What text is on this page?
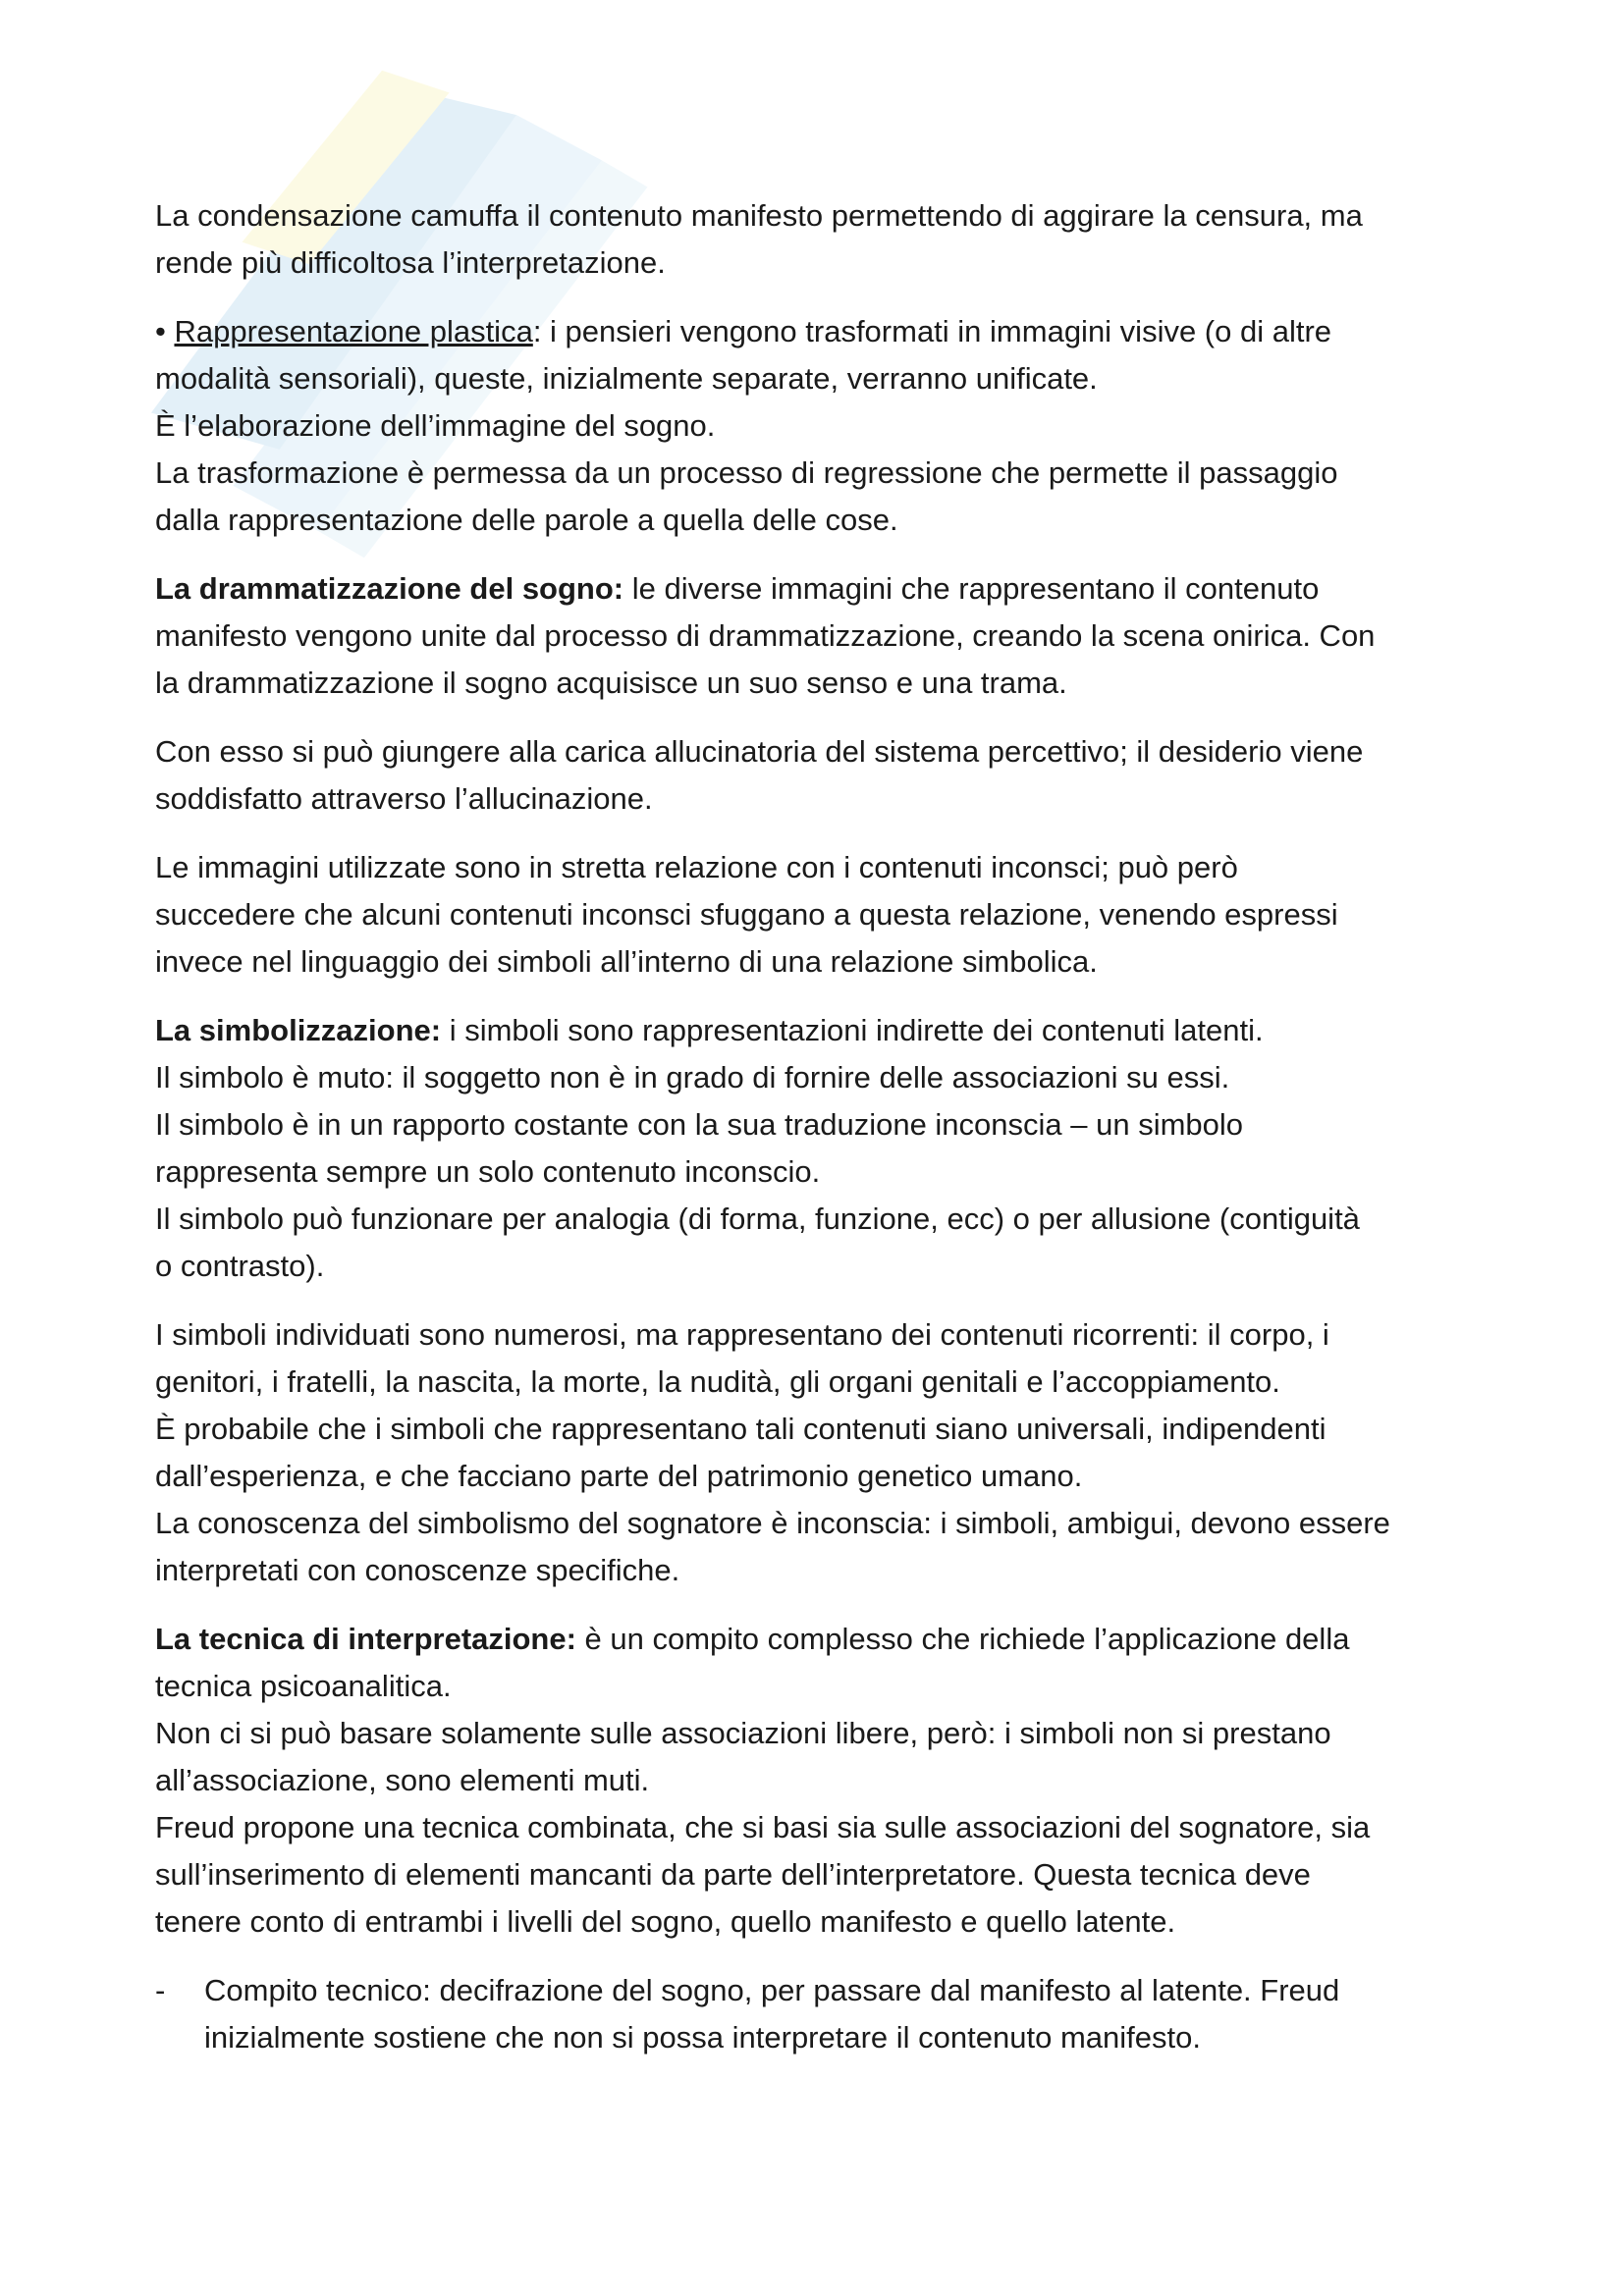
La condensazione camuffa il contenuto manifesto permettendo di aggirare la censura, ma
rende più difficoltosa l’interpretazione.

• Rappresentazione plastica: i pensieri vengono trasformati in immagini visive (o di altre
modalità sensoriali), queste, inizialmente separate, verranno unificate.
È l’elaborazione dell’immagine del sogno.
La trasformazione è permessa da un processo di regressione che permette il passaggio
dalla rappresentazione delle parole a quella delle cose.

La drammatizzazione del sogno: le diverse immagini che rappresentano il contenuto
manifesto vengono unite dal processo di drammatizzazione, creando la scena onirica. Con
la drammatizzazione il sogno acquisisce un suo senso e una trama.

Con esso si può giungere alla carica allucinatoria del sistema percettivo; il desiderio viene
soddisfatto attraverso l’allucinazione.

Le immagini utilizzate sono in stretta relazione con i contenuti inconsci; può però
succedere che alcuni contenuti inconsci sfuggano a questa relazione, venendo espressi
invece nel linguaggio dei simboli all’interno di una relazione simbolica.

La simbolizzazione: i simboli sono rappresentazioni indirette dei contenuti latenti.
Il simbolo è muto: il soggetto non è in grado di fornire delle associazioni su essi.
Il simbolo è in un rapporto costante con la sua traduzione inconscia – un simbolo
rappresenta sempre un solo contenuto inconscio.
Il simbolo può funzionare per analogia (di forma, funzione, ecc) o per allusione (contiguità
o contrasto).

I simboli individuati sono numerosi, ma rappresentano dei contenuti ricorrenti: il corpo, i
genitori, i fratelli, la nascita, la morte, la nudità, gli organi genitali e l’accoppiamento.
È probabile che i simboli che rappresentano tali contenuti siano universali, indipendenti
dall’esperienza, e che facciano parte del patrimonio genetico umano.
La conoscenza del simbolismo del sognatore è inconscia: i simboli, ambigui, devono essere
interpretati con conoscenze specifiche.

La tecnica di interpretazione: è un compito complesso che richiede l’applicazione della
tecnica psicoanalitica.
Non ci si può basare solamente sulle associazioni libere, però: i simboli non si prestano
all’associazione, sono elementi muti.
Freud propone una tecnica combinata, che si basi sia sulle associazioni del sognatore, sia
sull’inserimento di elementi mancanti da parte dell’interpretatore. Questa tecnica deve
tenere conto di entrambi i livelli del sogno, quello manifesto e quello latente.

-	Compito tecnico: decifrazione del sogno, per passare dal manifesto al latente. Freud
inizialmente sostiene che non si possa interpretare il contenuto manifesto.
